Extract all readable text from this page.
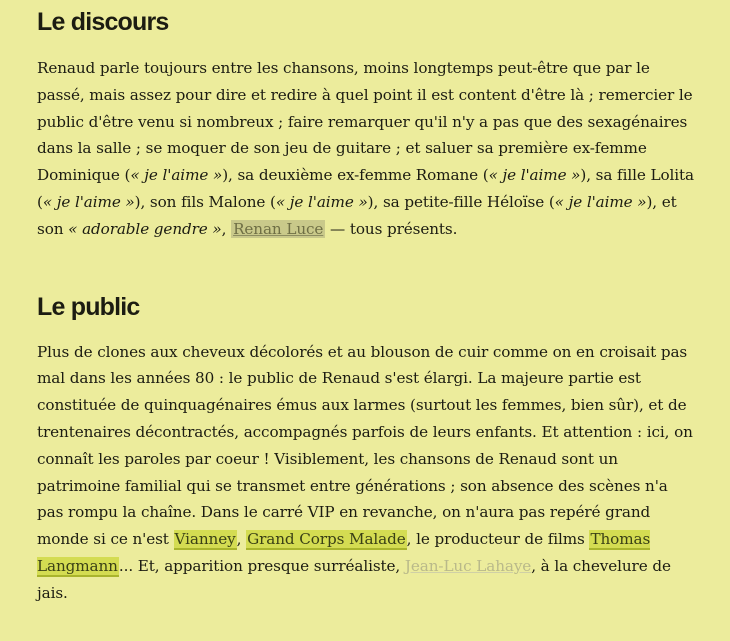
Le discours

Renaud parle toujours entre les chansons, moins longtemps peut-être que par le passé, mais assez pour dire et redire à quel point il est content d'être là ; remercier le public d'être venu si nombreux ; faire remarquer qu'il n'y a pas que des sexagénaires dans la salle ; se moquer de son jeu de guitare ; et saluer sa première ex-femme Dominique (« je l'aime »), sa deuxième ex-femme Romane (« je l'aime »), sa fille Lolita (« je l'aime »), son fils Malone (« je l'aime »), sa petite-fille Héloïse (« je l'aime »), et son « adorable gendre », Renan Luce — tous présents.

Le public

Plus de clones aux cheveux décolorés et au blouson de cuir comme on en croisait pas mal dans les années 80 : le public de Renaud s'est élargi. La majeure partie est constituée de quinquagénaires émus aux larmes (surtout les femmes, bien sûr), et de trentenaires décontractés, accompagnés parfois de leurs enfants. Et attention : ici, on connaît les paroles par coeur ! Visiblement, les chansons de Renaud sont un patrimoine familial qui se transmet entre générations ; son absence des scènes n'a pas rompu la chaîne. Dans le carré VIP en revanche, on n'aura pas repéré grand monde si ce n'est Vianney, Grand Corps Malade, le producteur de films Thomas Langmann... Et, apparition presque surréaliste, Jean-Luc Lahaye, à la chevelure de jais.
